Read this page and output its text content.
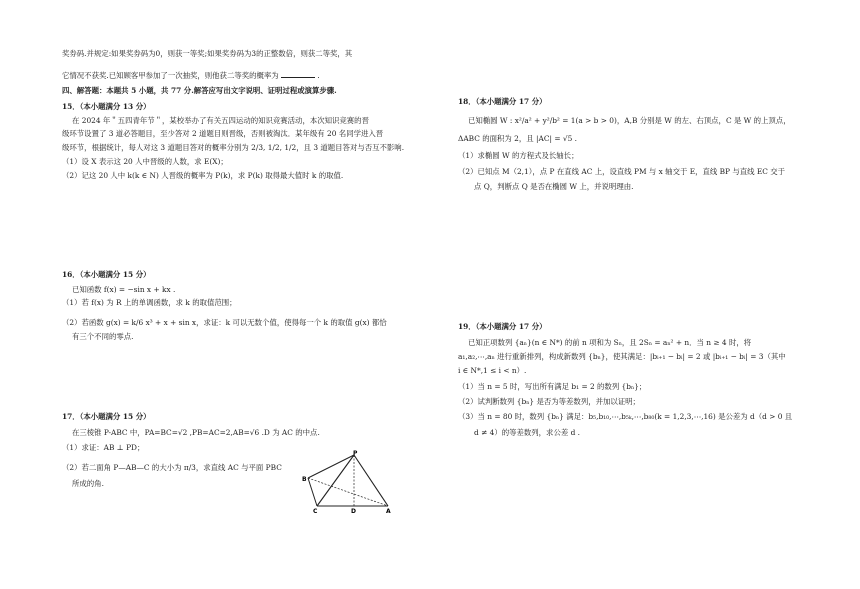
奖券码.并规定:如果奖券码为0，则获一等奖;如果奖券码为3的正整数倍，则获二等奖，其
它情况不获奖.已知顾客甲参加了一次抽奖，则他获二等奖的概率为	.
四、解答题：本题共 5 小题，共 77 分.解答应写出文字说明、证明过程或演算步骤.
15．（本小题满分 13 分）
在 2024 年＂五四青年节＂，某校举办了有关五四运动的知识竞赛活动，本次知识竞赛的晋
级环节设置了 3 道必答题目，至少答对 2 道题目则晋级，否则被淘汰．某年级有 20 名同学进入晋
级环节，根据统计，每人对这 3 道题目答对的概率分别为 2/3, 1/2, 1/2，且 3 道题目答对与否互不影响.
（1）设 X 表示这 20 人中晋级的人数，求 E(X)；
（2）记这 20 人中 k(k ∈ N) 人晋级的概率为 P(k)，求 P(k) 取得最大值时 k 的取值.
16．（本小题满分 15 分）
已知函数 f(x) = −sin x + kx .
（1）若 f(x) 为 R 上的单调函数，求 k 的取值范围；
（2）若函数 g(x) = k/6 x³ + x + sin x，求证：k 可以无数个值，使得每一个 k 的取值 g(x) 都恰
有三个不同的零点.
17．（本小题满分 15 分）
在三棱锥 P-ABC 中，PA=BC=√2 ,PB=AC=2,AB=√6 .D 为 AC 的中点.
（1）求证：AB ⊥ PD；
（2）若二面角 P—AB—C 的大小为 π/3，求直线 AC 与平面 PBC
所成的角.
P
B
C	D	A
18．（本小题满分 17 分）
已知椭圆 W : x²/a² + y²/b² = 1(a > b > 0)，A,B 分别是 W 的左、右顶点，C 是 W 的上顶点，
ΔABC 的面积为 2，且 |AC| = √5 .
（1）求椭圆 W 的方程式及长轴长；
（2）已知点 M（2,1），点 P 在直线 AC 上，设直线 PM 与 x 轴交于 E，直线 BP 与直线 EC 交于
点 Q，判断点 Q 是否在椭圆 W 上，并说明理由.
19．（本小题满分 17 分）
已知正项数列 {aₙ}(n ∈ N*) 的前 n 项和为 Sₙ，且 2Sₙ = aₙ² + n．当 n ≥ 4 时，将
a₁,a₂,⋯,aₙ 进行重新排列，构成新数列 {bₙ}，使其满足：|bᵢ₊₁ − bᵢ| = 2 或 |bᵢ₊₁ − bᵢ| = 3（其中
i ∈ N*,1 ≤ i < n）.
（1）当 n = 5 时，写出所有满足 b₁ = 2 的数列 {bₙ}；
（2）试判断数列 {bₙ} 是否为等差数列，并加以证明；
（3）当 n = 80 时，数列 {bₙ} 满足：b₅,b₁₀,⋯,b₅ₖ,⋯,b₈₀(k = 1,2,3,⋯,16) 是公差为 d（d > 0 且
d ≠ 4）的等差数列，求公差 d .
